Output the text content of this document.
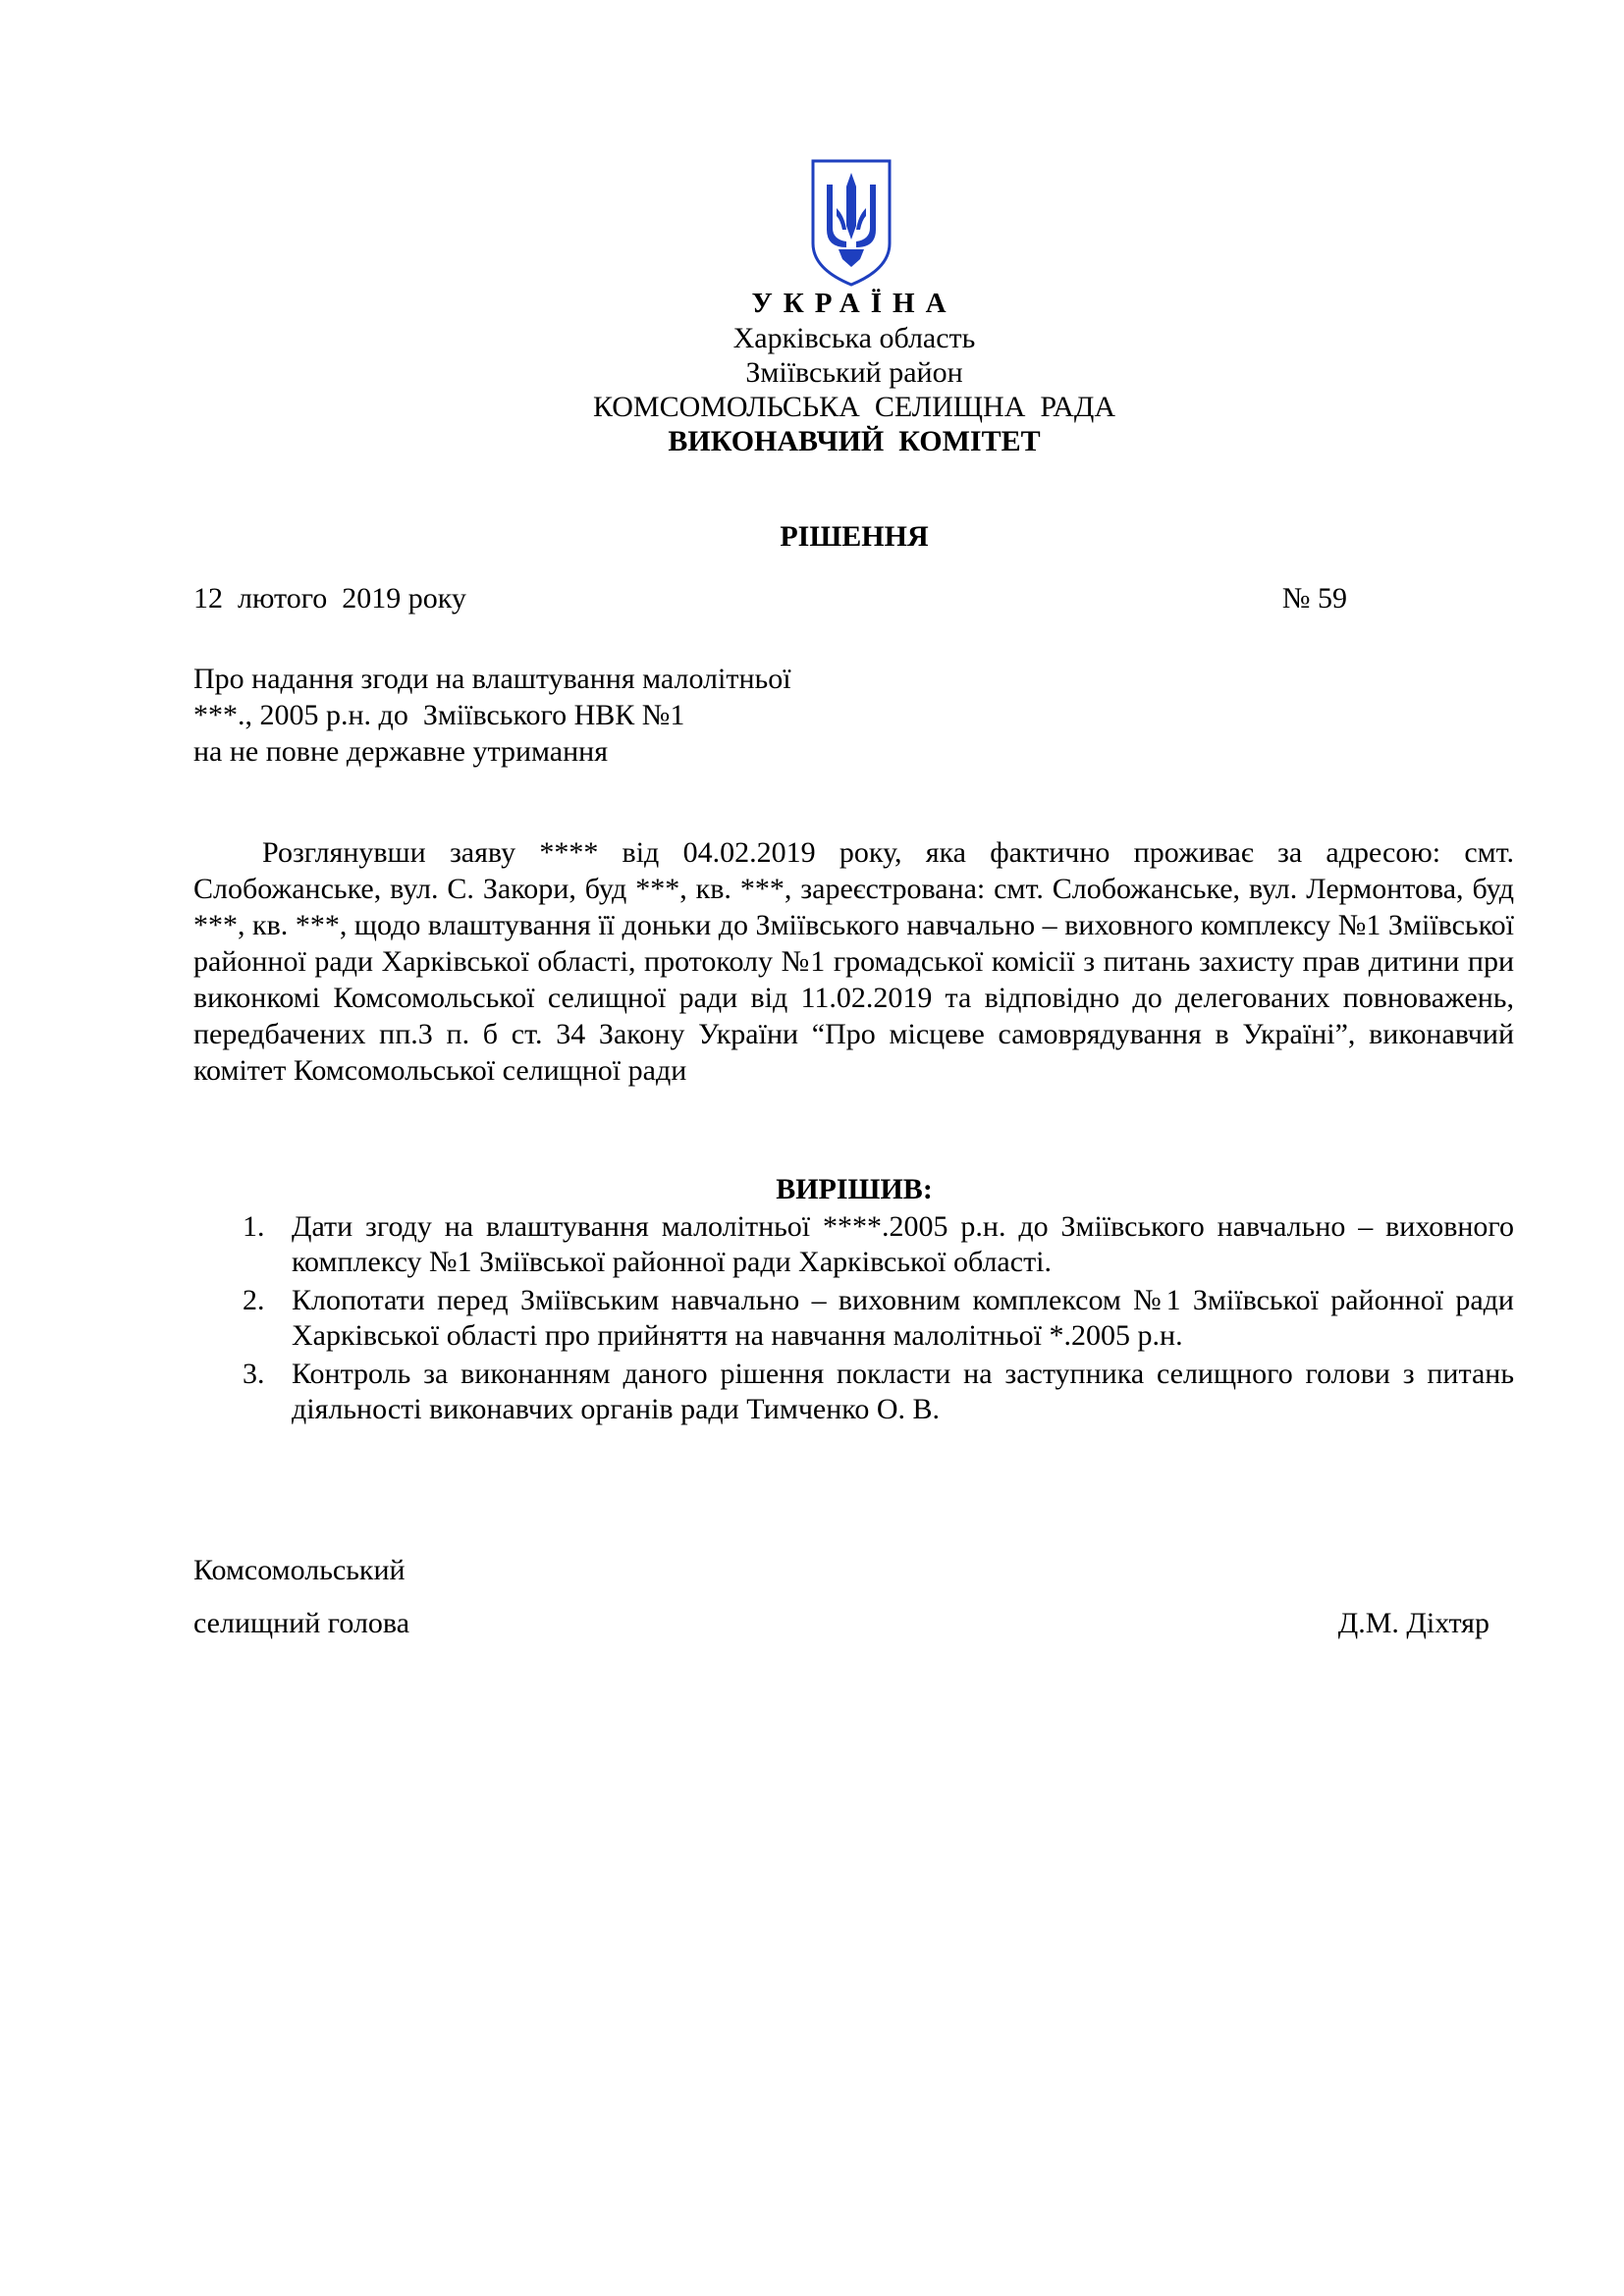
УКРАЇНА
Харківська область
Зміївський район
КОМСОМОЛЬСЬКА  СЕЛИЩНА  РАДА
ВИКОНАВЧИЙ  КОМІТЕТ
РІШЕННЯ
12  лютого  2019 року	№ 59
Про надання згоди на влаштування малолітньої
***., 2005 р.н. до  Зміївського НВК №1
на не повне державне утримання
Розглянувши заяву **** від 04.02.2019 року, яка фактично проживає за адресою: смт. Слобожанське, вул. С. Закори, буд ***, кв. ***, зареєстрована: смт. Слобожанське, вул. Лермонтова, буд ***, кв. ***, щодо влаштування її доньки до Зміївського навчально – виховного комплексу №1 Зміївської районної ради Харківської області, протоколу №1 громадської комісії з питань захисту прав дитини при виконкомі Комсомольської селищної ради від 11.02.2019 та відповідно до делегованих повноважень, передбачених пп.3 п. б ст. 34 Закону України “Про місцеве самоврядування в Україні”, виконавчий комітет Комсомольської селищної ради
ВИРІШИВ:
1. Дати згоду на влаштування малолітньої ****.2005 р.н. до Зміївського навчально – виховного комплексу №1 Зміївської районної ради Харківської області.
2. Клопотати перед Зміївським навчально – виховним комплексом №1 Зміївської районної ради Харківської області про прийняття на навчання малолітньої *.2005 р.н.
3. Контроль за виконанням даного рішення покласти на заступника селищного голови з питань діяльності виконавчих органів ради Тимченко О. В.
Комсомольський
селищний голова	Д.М. Діхтяр
